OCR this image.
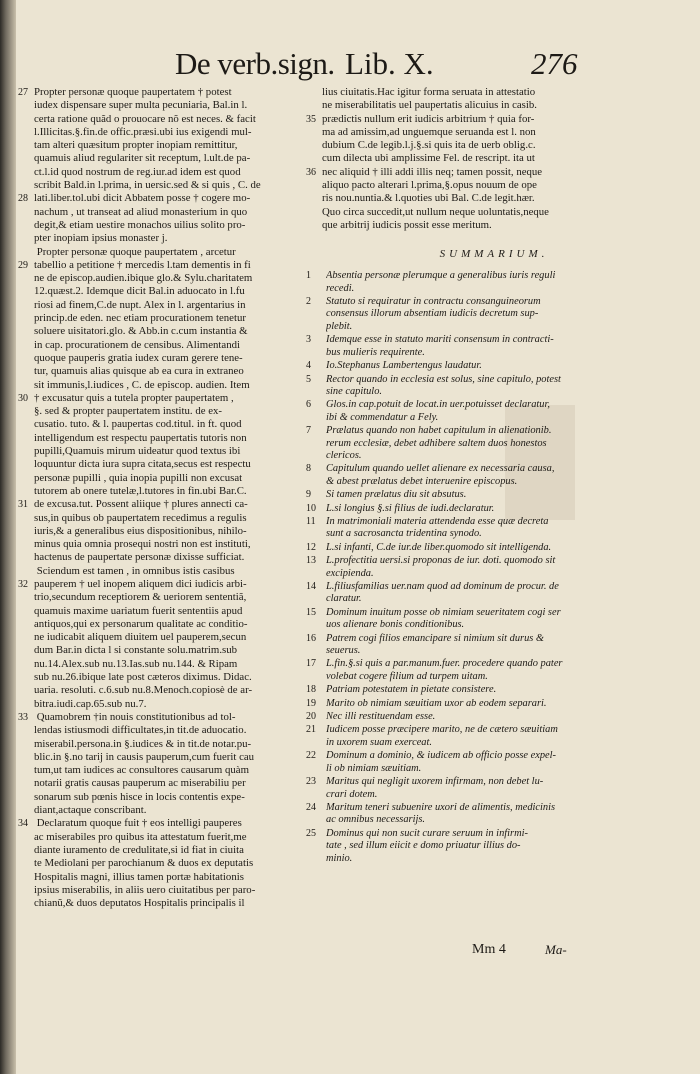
De verb.sign. Lib. X.	276

27 Propter personæ quoque paupertatem † potest

iudex dispensare super multa pecuniaria, Bal.in l.

certa ratione quãd o prouocare nõ est neces. & facit

l.Illicitas.§.fin.de offic.præsi.ubi ius exigendi mul-

tam alteri quæsitum propter inopiam remittitur,

quamuis aliud regulariter sit receptum, l.ult.de pa-

ct.l.id quod nostrum de reg.iur.ad idem est quod

scribit Bald.in l.prima, in uersic.sed & si quis , C. de

28 lati.liber.tol.ubi dicit Abbatem posse † cogere mo-

nachum , ut transeat ad aliud monasterium in quo

degit,& etiam uestire monachos uilius solito pro-

pter inopiam ipsius monaster j.

Propter personæ quoque paupertatem , arcetur

29 tabellio a petitione † mercedis l.tam dementis in fi

ne de episcop.audien.ibique glo.& Sylu.charitatem

12.quæst.2. Idemque dicit Bal.in aduocato in l.fu

riosi ad finem,C.de nupt. Alex in l. argentarius in

princip.de eden. nec etiam procurationem tenetur

soluere uisitatori.glo. & Abb.in c.cum instantia &

in cap. procurationem de censibus. Alimentandi

quoque pauperis gratia iudex curam gerere tene-

tur, quamuis alias quisque ab ea cura in extraneo

sit immunis,l.iudices , C. de episcop. audien. Item

30 † excusatur quis a tutela propter paupertatem ,

§. sed & propter paupertatem institu. de ex-

cusatio. tuto. & l. paupertas cod.titul. in ft. quod

intelligendum est respectu paupertatis tutoris non

pupilli,Quamuis mirum uideatur quod textus ibi

loquuntur dicta iura supra citata,secus est respectu

personæ pupilli , quia inopia pupilli non excusat

tutorem ab onere tutelæ,l.tutores in fin.ubi Bar.C.

31 de excusa.tut. Possent aliique † plures annecti ca-

sus,in quibus ob paupertatem recedimus a regulis

iuris,& a generalibus eius dispositionibus, nihilo-

minus quia omnia prosequi nostri non est instituti,

hactenus de paupertate personæ dixisse sufficiat.

Sciendum est tamen , in omnibus istis casibus

32 pauperem † uel inopem aliquem dici iudicis arbi-

trio,secundum receptiorem & ueriorem sententiã,

quamuis maxime uariatum fuerit sententiis apud

antiquos,qui ex personarum qualitate ac conditio-

ne iudicabit aliquem diuitem uel pauperem,secun

dum Bar.in dicta l si constante solu.matrim.sub

nu.14.Alex.sub nu.13.Ias.sub nu.144. & Ripam

sub nu.26.ibique late post cæteros diximus. Didac.

uaria. resoluti. c.6.sub nu.8.Menoch.copiosè de ar-

bitra.iudi.cap.65.sub nu.7.

33 Quamobrem †in nouis constitutionibus ad tol-

lendas istiusmodi difficultates,in tit.de aduocatio.

miserabil.persona.in §.iudices & in tit.de notar.pu-

blic.in §.no tarij in causis pauperum,cum fuerit cau

tum,ut tam iudices ac consultores causarum quàm

notarii gratis causas pauperum ac miserabiliu per

sonarum sub pœnis hisce in locis contentis expe-

diant,actaque conscribant.

34 Declaratum quoque fuit † eos intelligi pauperes

ac miserabiles pro quibus ita attestatum fuerit,me

diante iuramento de credulitate,si id fiat in ciuita

te Mediolani per parochianum & duos ex deputatis

Hospitalis magni, illius tamen portæ habitationis

ipsius miserabilis, in aliis uero ciuitatibus per paro-

chianũ,& duos deputatos Hospitalis principalis il

lius ciuitatis.Hac igitur forma seruata in attestatio

ne miserabilitatis uel paupertatis alicuius in casib.

35 prædictis nullum erit iudicis arbitrium † quia for-

ma ad amissim,ad unguemque seruanda est l. non

dubium C.de legib.l.j.§.si quis ita de uerb oblig.c.

cum dilecta ubi amplissime Fel. de rescript. ita ut

36 nec aliquid † illi addi illis neq; tamen possit, neque

aliquo pacto alterari l.prima,§.opus nouum de ope

ris nou.nuntia.& l.quoties ubi Bal. C.de legit.hær.

Quo circa succedit,ut nullum neque uoluntatis,neque

que arbitrij iudicis possit esse meritum.

SUMMARIUM.
1 Absentia personæ plerumque a generalibus iuris reguli

recedi.

2 Statuto si requiratur in contractu consanguineorum

consensus illorum absentiam iudicis decretum sup-

plebit.

3 Idemque esse in statuto mariti consensum in contracti-

bus mulieris requirente.

4 Io.Stephanus Lambertengus laudatur.

5 Rector quando in ecclesia est solus, sine capitulo, potest

sine capitulo.

6 Glos.in cap.potuit de locat.in uer.potuisset declaratur,

ibi & commendatur a Fely.

7 Prælatus quando non habet capitulum in alienationib.

rerum ecclesiæ, debet adhibere saltem duos honestos

clericos.

8 Capitulum quando uellet alienare ex necessaria causa,

& abest prælatus debet interuenire episcopus.

9 Si tamen prælatus diu sit absutus.

10 L.si longius §.si filius de iudi.declaratur.

11 In matrimoniali materia attendenda esse quæ decreta

sunt a sacrosancta tridentina synodo.

12 L.si infanti, C.de iur.de liber.quomodo sit intelligenda.

13 L.profectitia uersi.si proponas de iur. doti. quomodo sit

excipienda.

14 L.filiusfamilias uer.nam quod ad dominum de procur. de

claratur.

15 Dominum inuitum posse ob nimiam seueritatem cogi ser

uos alienare bonis conditionibus.

16 Patrem cogi filios emancipare si nimium sit durus &

seuerus.

17 L.fin.§.si quis a par.manum.fuer. procedere quando pater

volebat cogere filium ad turpem uitam.

18 Patriam potestatem in pietate consistere.

19 Marito ob nimiam sæuitiam uxor ab eodem separari.

20 Nec illi restituendam esse.

21 Iudicem posse præcipere marito, ne de cætero sæuitiam

in uxorem suam exerceat.

22 Dominum a dominio, & iudicem ab officio posse expel-

li ob nimiam sæuitiam.

23 Maritus qui negligit uxorem infirmam, non debet lu-

crari dotem.

24 Maritum teneri subuenire uxori de alimentis, medicinis

ac omnibus necessarijs.

25 Dominus qui non sucit curare seruum in infirmi-

tate , sed illum eiicit e domo priuatur illius do-

minio.

Mm 4	Ma-
